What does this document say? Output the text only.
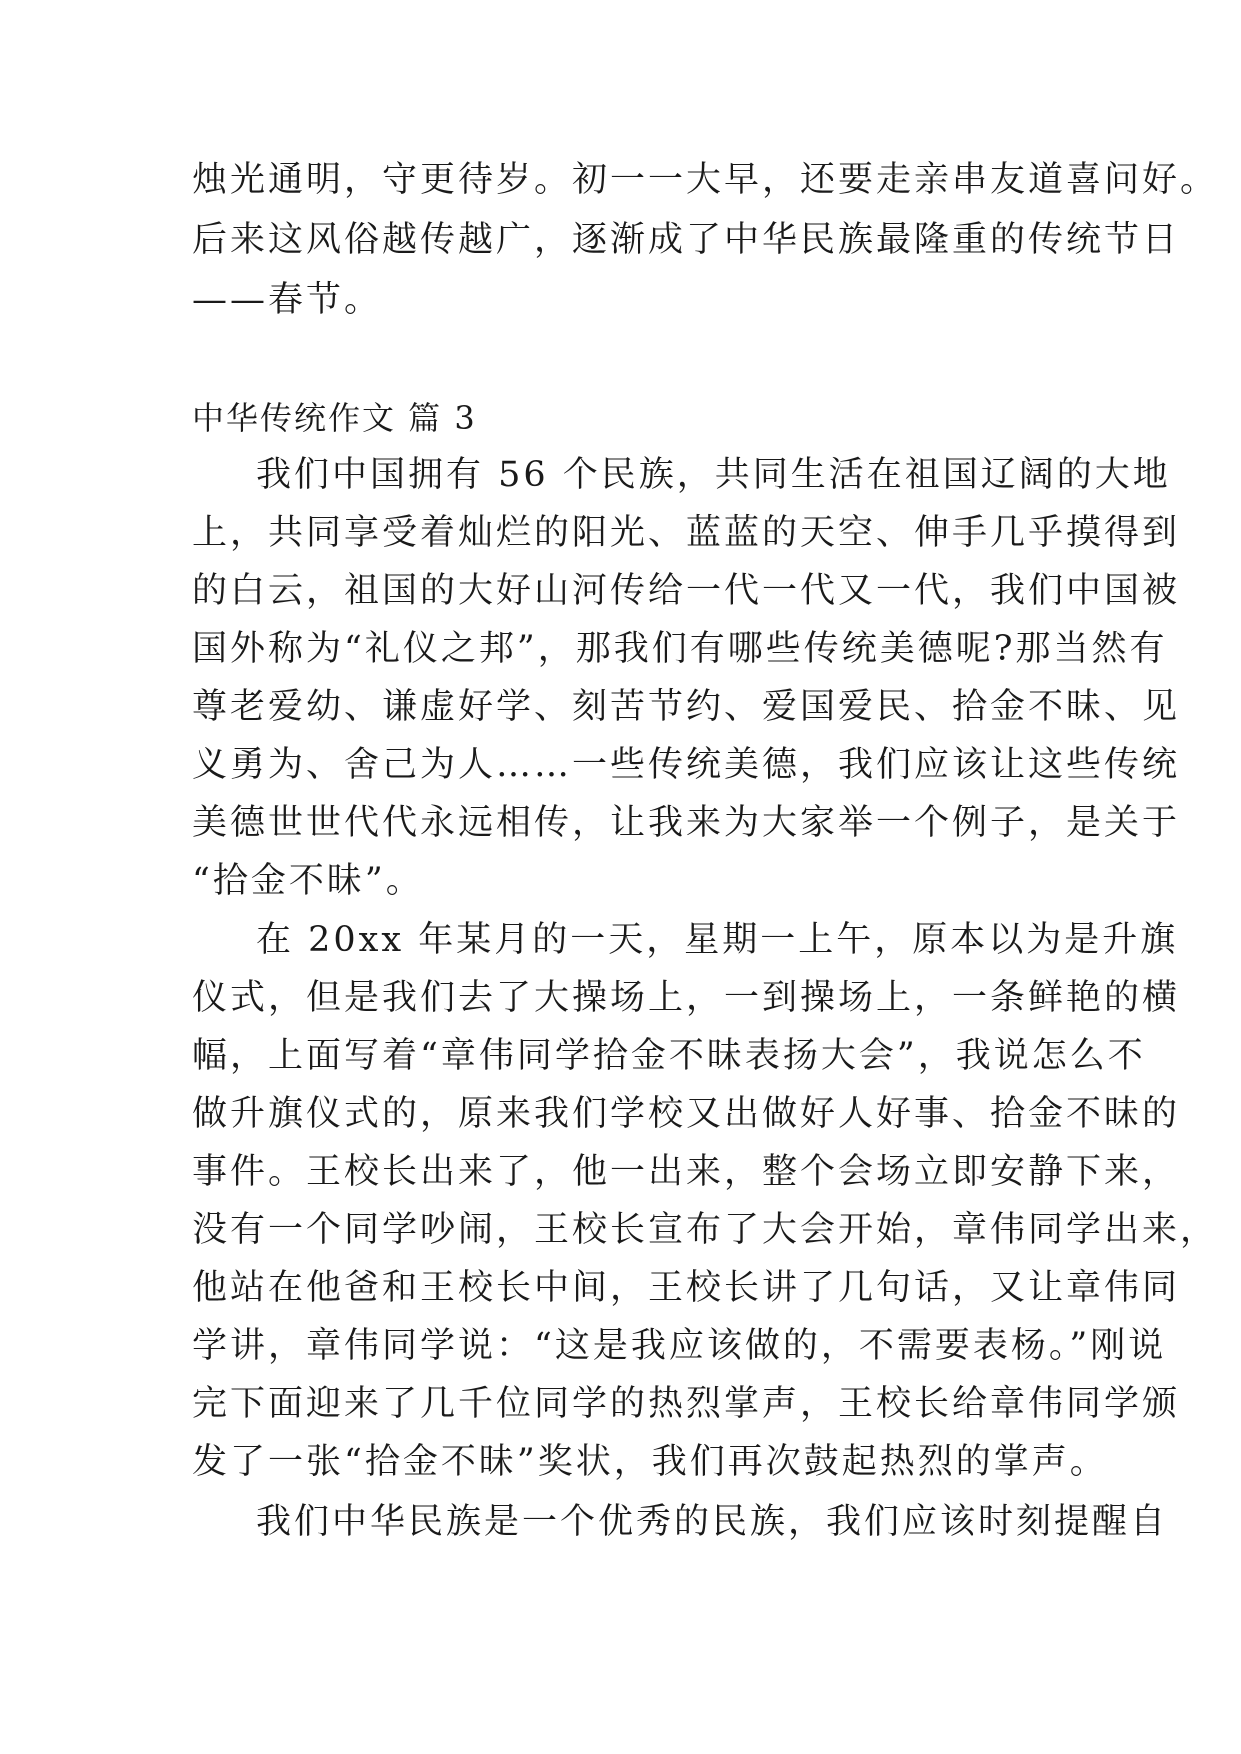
烛光通明，守更待岁。初一一大早，还要走亲串友道喜问好。
后来这风俗越传越广，逐渐成了中华民族最隆重的传统节日
——春节。
中华传统作文 篇 3
我们中国拥有 56 个民族，共同生活在祖国辽阔的大地
上，共同享受着灿烂的阳光、蓝蓝的天空、伸手几乎摸得到
的白云，祖国的大好山河传给一代一代又一代，我们中国被
国外称为“礼仪之邦”，那我们有哪些传统美德呢?那当然有
尊老爱幼、谦虚好学、刻苦节约、爱国爱民、拾金不昧、见
义勇为、舍己为人……一些传统美德，我们应该让这些传统
美德世世代代永远相传，让我来为大家举一个例子，是关于
“拾金不昧”。
在 20xx 年某月的一天，星期一上午，原本以为是升旗
仪式，但是我们去了大操场上，一到操场上，一条鲜艳的横
幅，上面写着“章伟同学拾金不昧表扬大会”，我说怎么不
做升旗仪式的，原来我们学校又出做好人好事、拾金不昧的
事件。王校长出来了，他一出来，整个会场立即安静下来，
没有一个同学吵闹，王校长宣布了大会开始，章伟同学出来，
他站在他爸和王校长中间，王校长讲了几句话，又让章伟同
学讲，章伟同学说：“这是我应该做的，不需要表杨。”刚说
完下面迎来了几千位同学的热烈掌声，王校长给章伟同学颁
发了一张“拾金不昧”奖状，我们再次鼓起热烈的掌声。
我们中华民族是一个优秀的民族，我们应该时刻提醒自
